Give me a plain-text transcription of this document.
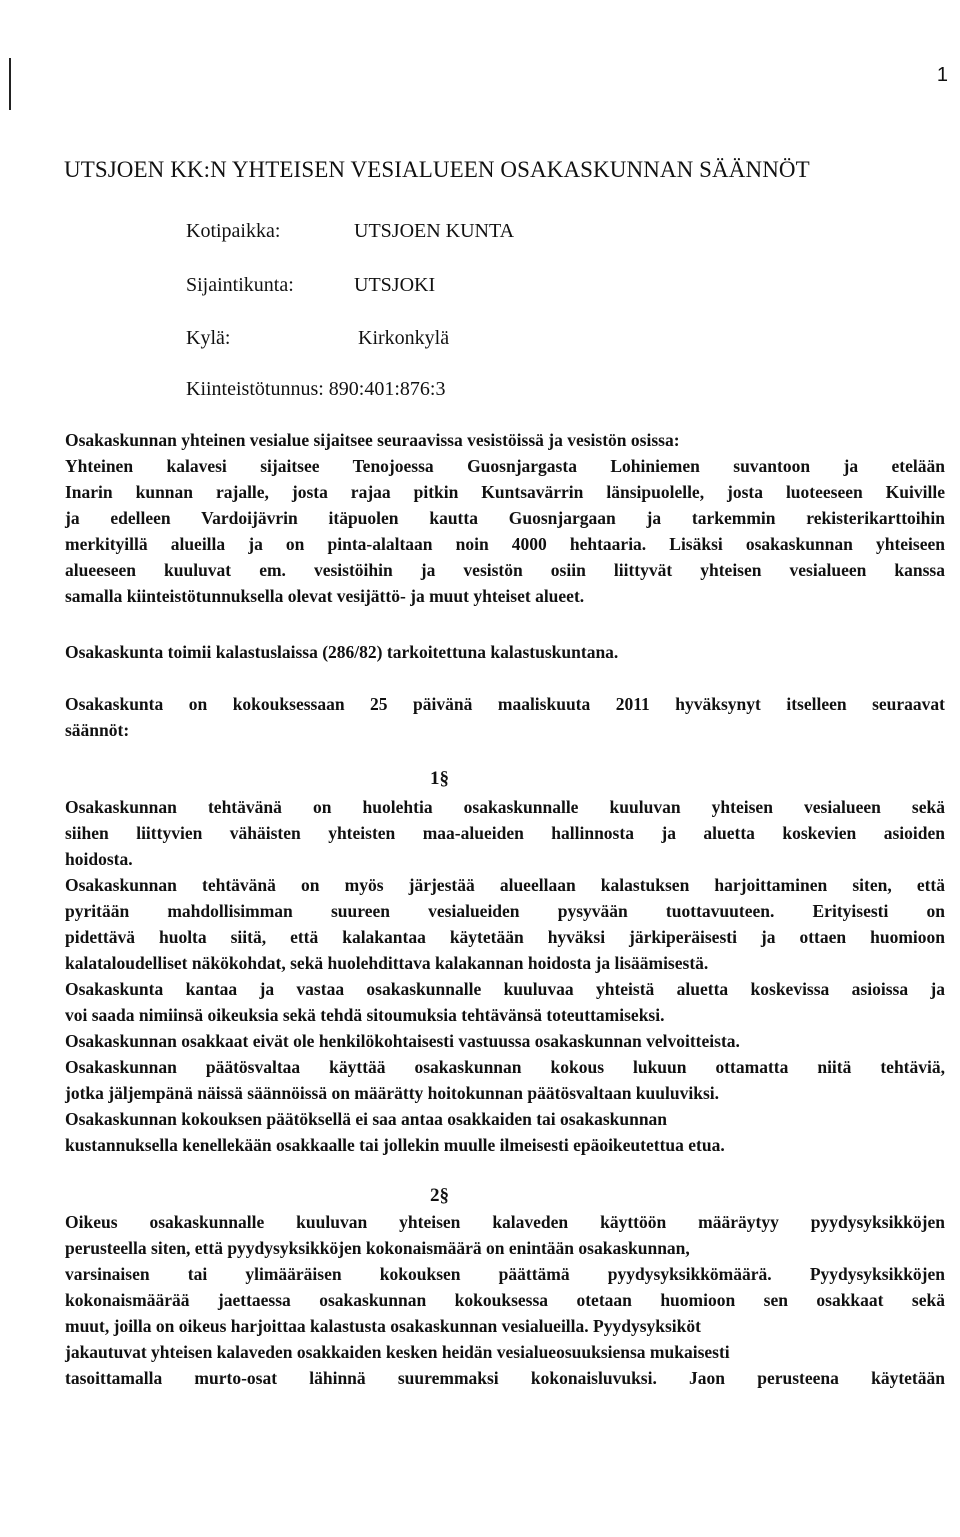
1
UTSJOEN KK:N YHTEISEN VESIALUEEN OSAKASKUNNAN SÄÄNNÖT
Kotipaikka:	UTSJOEN KUNTA
Sijaintikunta:	UTSJOKI
Kylä:	Kirkonkylä
Kiinteistötunnus: 890:401:876:3
Osakaskunnan yhteinen vesialue sijaitsee seuraavissa vesistöissä ja vesistön osissa:
Yhteinen kalavesi sijaitsee Tenojoessa Guosnjargasta Lohiniemen suvantoon ja etelään
Inarin kunnan rajalle, josta rajaa pitkin Kuntsavärrin länsipuolelle, josta luoteeseen Kuiville
ja edelleen Vardoijävrin itäpuolen kautta Guosnjargaan ja tarkemmin rekisterikarttoihin
merkityillä alueilla ja on pinta-alaltaan noin 4000 hehtaaria. Lisäksi osakaskunnan yhteiseen
alueeseen kuuluvat em. vesistöihin ja vesistön osiin liittyvät yhteisen vesialueen kanssa
samalla kiinteistötunnuksella olevat vesijättö- ja muut yhteiset alueet.
Osakaskunta toimii kalastuslaissa (286/82) tarkoitettuna kalastuskuntana.
Osakaskunta on kokouksessaan 25 päivänä maaliskuuta 2011 hyväksynyt itselleen seuraavat
säännöt:
1§
Osakaskunnan tehtävänä on huolehtia osakaskunnalle kuuluvan yhteisen vesialueen sekä
siihen liittyvien vähäisten yhteisten maa-alueiden hallinnosta ja aluetta koskevien asioiden
hoidosta.
Osakaskunnan tehtävänä on myös järjestää alueellaan kalastuksen harjoittaminen siten, että
pyritään mahdollisimman suureen vesialueiden pysyvään tuottavuuteen. Erityisesti on
pidettävä huolta siitä, että kalakantaa käytetään hyväksi järkiperäisesti ja ottaen huomioon
kalataloudelliset näkökohdat, sekä huolehdittava kalakannan hoidosta ja lisäämisestä.
Osakaskunta kantaa ja vastaa osakaskunnalle kuuluvaa yhteistä aluetta koskevissa asioissa ja
voi saada nimiinsä oikeuksia sekä tehdä sitoumuksia tehtävänsä toteuttamiseksi.
Osakaskunnan osakkaat eivät ole henkilökohtaisesti vastuussa osakaskunnan velvoitteista.
Osakaskunnan päätösvaltaa käyttää osakaskunnan kokous lukuun ottamatta niitä tehtäviä,
jotka jäljempänä näissä säännöissä on määrätty hoitokunnan päätösvaltaan kuuluviksi.
Osakaskunnan kokouksen päätöksellä ei saa antaa osakkaiden tai osakaskunnan
kustannuksella kenellekään osakkaalle tai jollekin muulle ilmeisesti epäoikeutettua etua.
2§
Oikeus osakaskunnalle kuuluvan yhteisen kalaveden käyttöön määräytyy pyydysyksikköjen
perusteella siten, että pyydysyksikköjen kokonaismäärä on enintään osakaskunnan,
varsinaisen tai ylimääräisen kokouksen päättämä pyydysyksikkömäärä. Pyydysyksikköjen
kokonaismäärää jaettaessa osakaskunnan kokouksessa otetaan huomioon sen osakkaat sekä
muut, joilla on oikeus harjoittaa kalastusta osakaskunnan vesialueilla. Pyydysyksiköt
jakautuvat yhteisen kalaveden osakkaiden kesken heidän vesialueosuuksiensa mukaisesti
tasoittamalla murto-osat lähinnä suuremmaksi kokonaisluvuksi. Jaon perusteena käytetään
